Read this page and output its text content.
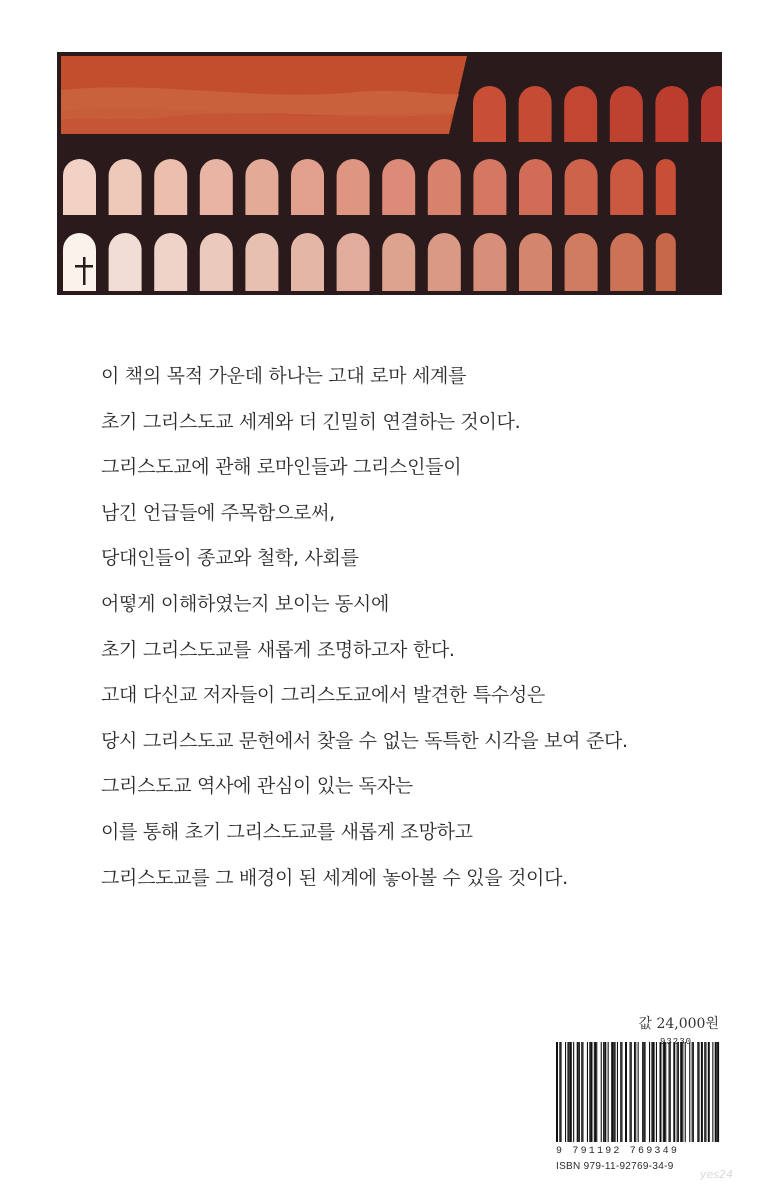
이 책의 목적 가운데 하나는 고대 로마 세계를
초기 그리스도교 세계와 더 긴밀히 연결하는 것이다.
그리스도교에 관해 로마인들과 그리스인들이
남긴 언급들에 주목함으로써,
당대인들이 종교와 철학, 사회를
어떻게 이해하였는지 보이는 동시에
초기 그리스도교를 새롭게 조명하고자 한다.
고대 다신교 저자들이 그리스도교에서 발견한 특수성은
당시 그리스도교 문헌에서 찾을 수 없는 독특한 시각을 보여 준다.
그리스도교 역사에 관심이 있는 독자는
이를 통해 초기 그리스도교를 새롭게 조망하고
그리스도교를 그 배경이 된 세계에 놓아볼 수 있을 것이다.
값 24,000원
9 791192 769349
ISBN 979-11-92769-34-9
93230
yes24
